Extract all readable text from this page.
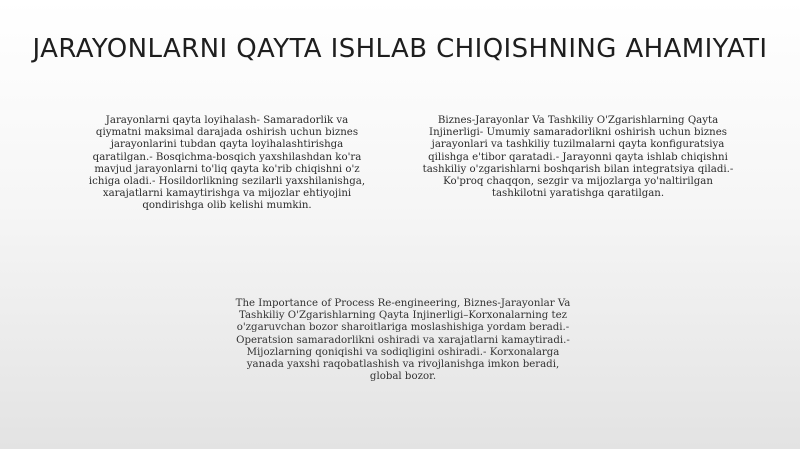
JARAYONLARNI QAYTA ISHLAB CHIQISHNING AHAMIYATI
Jarayonlarni qayta loyihalash- Samaradorlik va qiymatni maksimal darajada oshirish uchun biznes jarayonlarini tubdan qayta loyihalashtirishga qaratilgan.- Bosqichma-bosqich yaxshilashdan ko'ra mavjud jarayonlarni to'liq qayta ko'rib chiqishni o'z ichiga oladi.- Hosildorlikning sezilarli yaxshilanishga, xarajatlarni kamaytirishga va mijozlar ehtiyojini qondirishga olib kelishi mumkin.
Biznes-Jarayonlar Va Tashkiliy O'Zgarishlarning Qayta Injinerligi- Umumiy samaradorlikni oshirish uchun biznes jarayonlari va tashkiliy tuzilmalarni qayta konfiguratsiya qilishga e'tibor qaratadi.- Jarayonni qayta ishlab chiqishni tashkiliy o'zgarishlarni boshqarish bilan integratsiya qiladi.- Ko'proq chaqqon, sezgir va mijozlarga yo'naltirilgan tashkilotni yaratishga qaratilgan.
The Importance of Process Re-engineering, Biznes-Jarayonlar Va Tashkiliy O'Zgarishlarning Qayta Injinerligi–Korxonalarning tez o'zgaruvchan bozor sharoitlariga moslashishiga yordam beradi.- Operatsion samaradorlikni oshiradi va xarajatlarni kamaytiradi.- Mijozlarning qoniqishi va sodiqligini oshiradi.- Korxonalarga yanada yaxshi raqobatlashish va rivojlanishga imkon beradi, global bozor.
